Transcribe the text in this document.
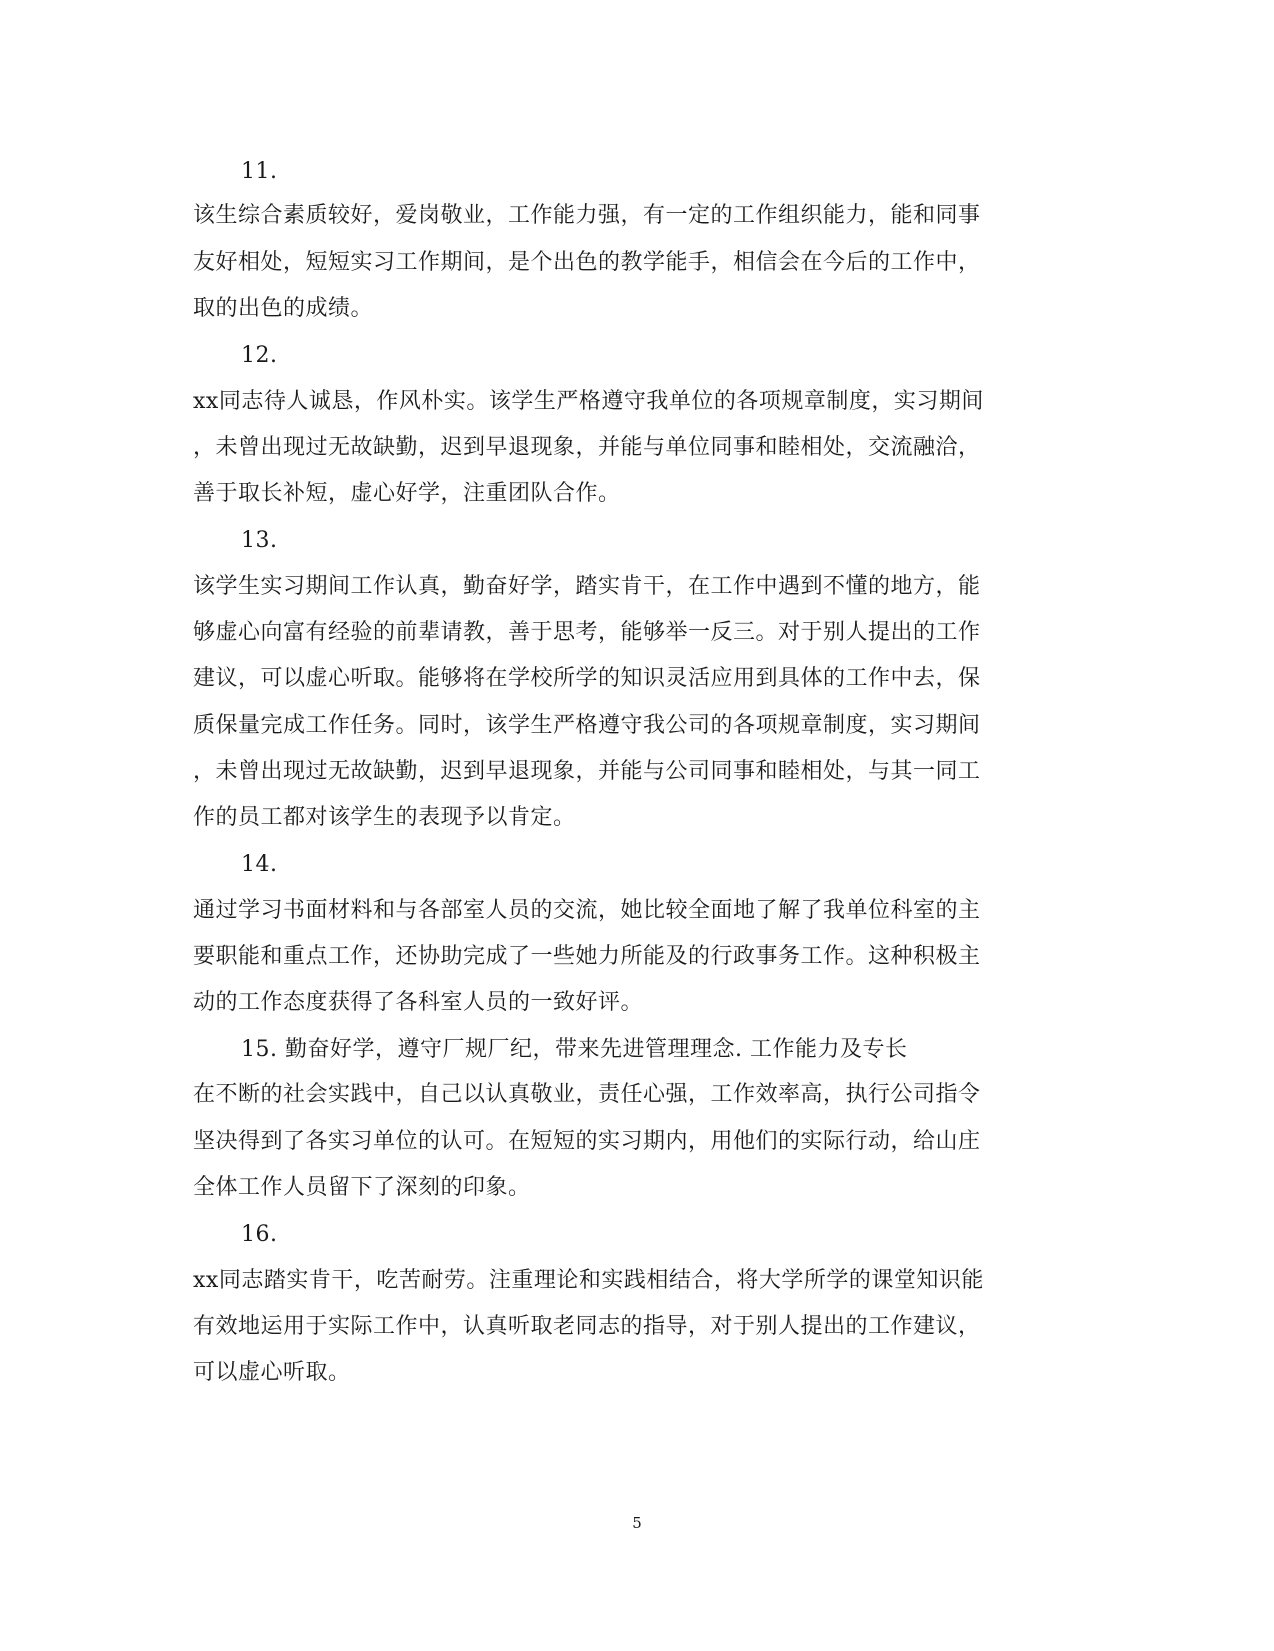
11.
该生综合素质较好，爱岗敬业，工作能力强，有一定的工作组织能力，能和同事
友好相处，短短实习工作期间，是个出色的教学能手，相信会在今后的工作中，
取的出色的成绩。
12.
xx同志待人诚恳，作风朴实。该学生严格遵守我单位的各项规章制度，实习期间
，未曾出现过无故缺勤，迟到早退现象，并能与单位同事和睦相处，交流融洽，
善于取长补短，虚心好学，注重团队合作。
13.
该学生实习期间工作认真，勤奋好学，踏实肯干，在工作中遇到不懂的地方，能
够虚心向富有经验的前辈请教，善于思考，能够举一反三。对于别人提出的工作
建议，可以虚心听取。能够将在学校所学的知识灵活应用到具体的工作中去，保
质保量完成工作任务。同时，该学生严格遵守我公司的各项规章制度，实习期间
，未曾出现过无故缺勤，迟到早退现象，并能与公司同事和睦相处，与其一同工
作的员工都对该学生的表现予以肯定。
14.
通过学习书面材料和与各部室人员的交流，她比较全面地了解了我单位科室的主
要职能和重点工作，还协助完成了一些她力所能及的行政事务工作。这种积极主
动的工作态度获得了各科室人员的一致好评。
15. 勤奋好学，遵守厂规厂纪，带来先进管理理念. 工作能力及专长
在不断的社会实践中，自己以认真敬业，责任心强，工作效率高，执行公司指令
坚决得到了各实习单位的认可。在短短的实习期内，用他们的实际行动，给山庄
全体工作人员留下了深刻的印象。
16.
xx同志踏实肯干，吃苦耐劳。注重理论和实践相结合，将大学所学的课堂知识能
有效地运用于实际工作中，认真听取老同志的指导，对于别人提出的工作建议，
可以虚心听取。
5
